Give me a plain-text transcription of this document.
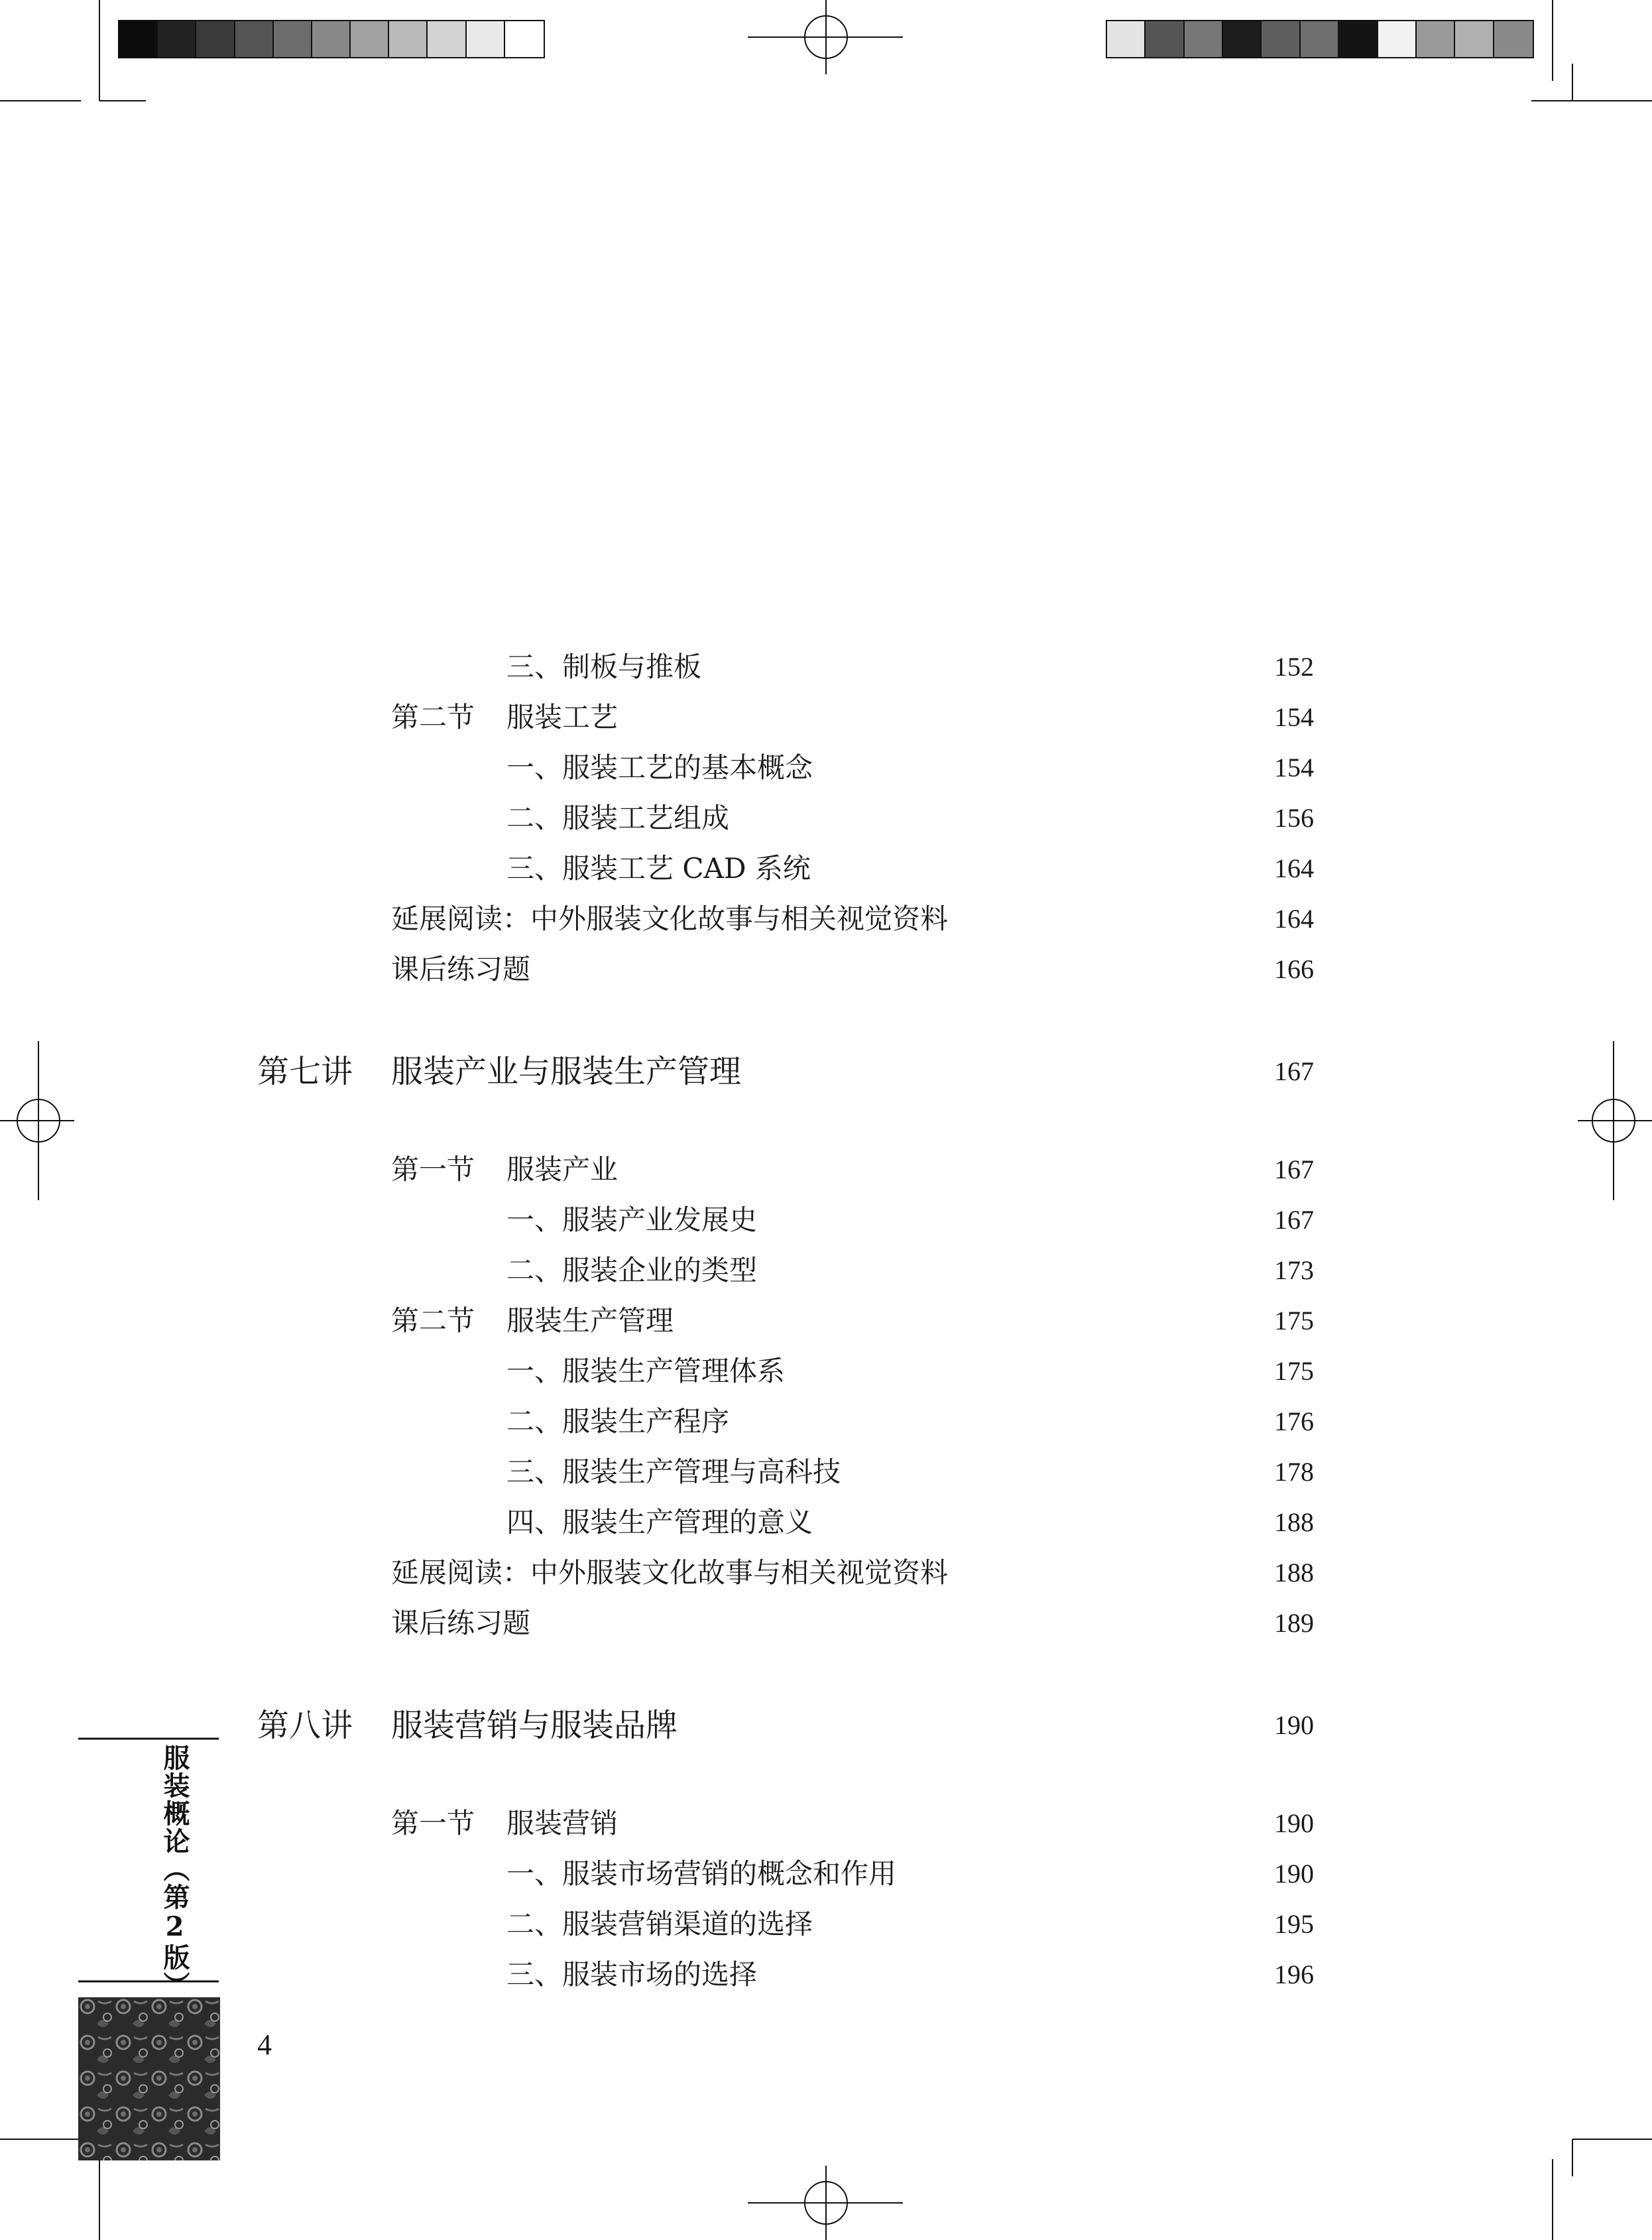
服装概论（第2版）
三、制板与推板	152
第二节 服装工艺	154
一、服装工艺的基本概念	154
二、服装工艺组成	156
三、服装工艺 CAD 系统	164
延展阅读：中外服装文化故事与相关视觉资料	164
课后练习题	166
第七讲 服装产业与服装生产管理	167
第一节 服装产业	167
一、服装产业发展史	167
二、服装企业的类型	173
第二节 服装生产管理	175
一、服装生产管理体系	175
二、服装生产程序	176
三、服装生产管理与高科技	178
四、服装生产管理的意义	188
延展阅读：中外服装文化故事与相关视觉资料	188
课后练习题	189
第八讲 服装营销与服装品牌	190
第一节 服装营销	190
一、服装市场营销的概念和作用	190
二、服装营销渠道的选择	195
三、服装市场的选择	196
4
